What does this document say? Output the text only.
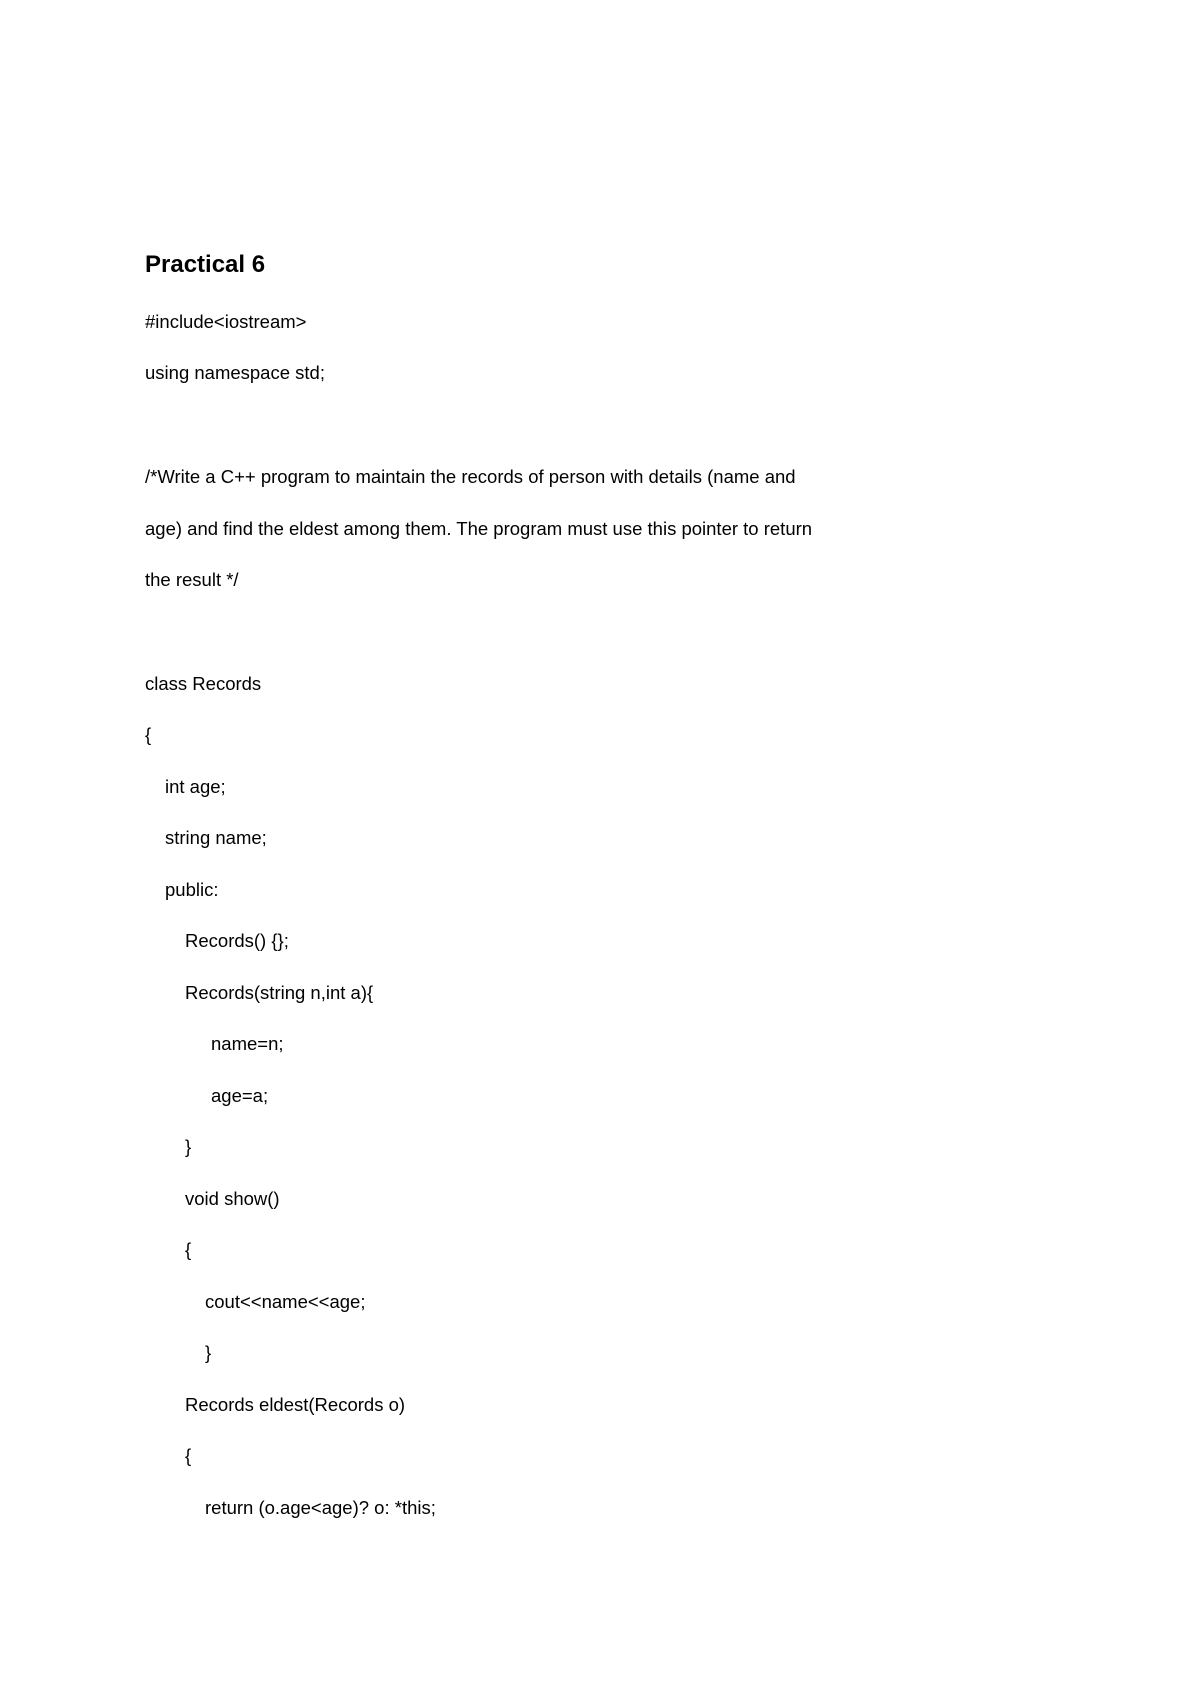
Practical 6
#include<iostream>
using namespace std;
/*Write a C++ program to maintain the records of person with details (name and
age) and find the eldest among them. The program must use this pointer to return
the result */
class Records
{
int age;
string name;
public:
Records() {};
Records(string n,int a){
name=n;
age=a;
}
void show()
{
cout<<name<<age;
}
Records eldest(Records o)
{
return (o.age<age)? o: *this;
